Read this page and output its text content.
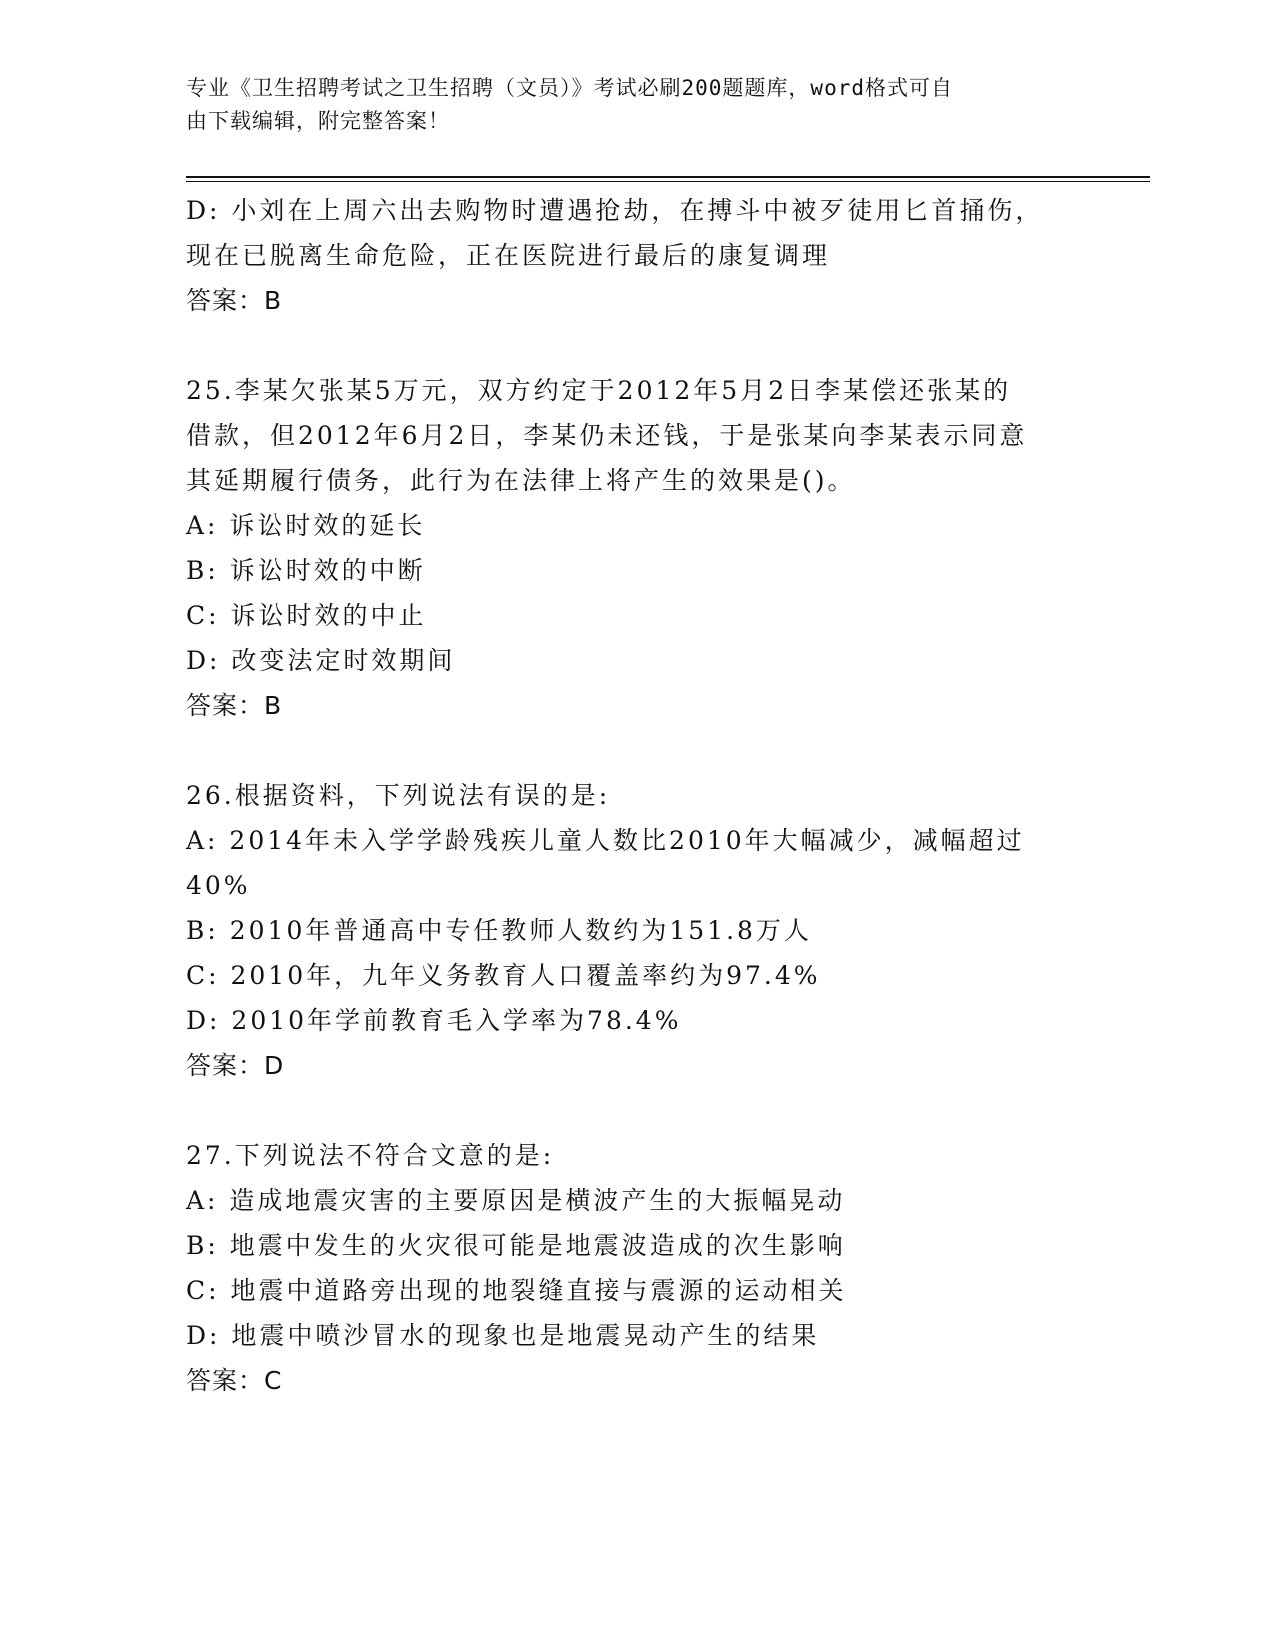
专业《卫生招聘考试之卫生招聘（文员）》考试必刷200题题库，word格式可自
由下载编辑，附完整答案！
D: 小刘在上周六出去购物时遭遇抢劫，在搏斗中被歹徒用匕首捅伤，
现在已脱离生命危险，正在医院进行最后的康复调理
答案：B
25.李某欠张某5万元，双方约定于2012年5月2日李某偿还张某的
借款，但2012年6月2日，李某仍未还钱，于是张某向李某表示同意
其延期履行债务，此行为在法律上将产生的效果是()。
A: 诉讼时效的延长
B: 诉讼时效的中断
C: 诉讼时效的中止
D: 改变法定时效期间
答案：B
26.根据资料，下列说法有误的是:
A: 2014年未入学学龄残疾儿童人数比2010年大幅减少，减幅超过
40%
B: 2010年普通高中专任教师人数约为151.8万人
C: 2010年，九年义务教育人口覆盖率约为97.4%
D: 2010年学前教育毛入学率为78.4%
答案：D
27.下列说法不符合文意的是:
A: 造成地震灾害的主要原因是横波产生的大振幅晃动
B: 地震中发生的火灾很可能是地震波造成的次生影响
C: 地震中道路旁出现的地裂缝直接与震源的运动相关
D: 地震中喷沙冒水的现象也是地震晃动产生的结果
答案：C
